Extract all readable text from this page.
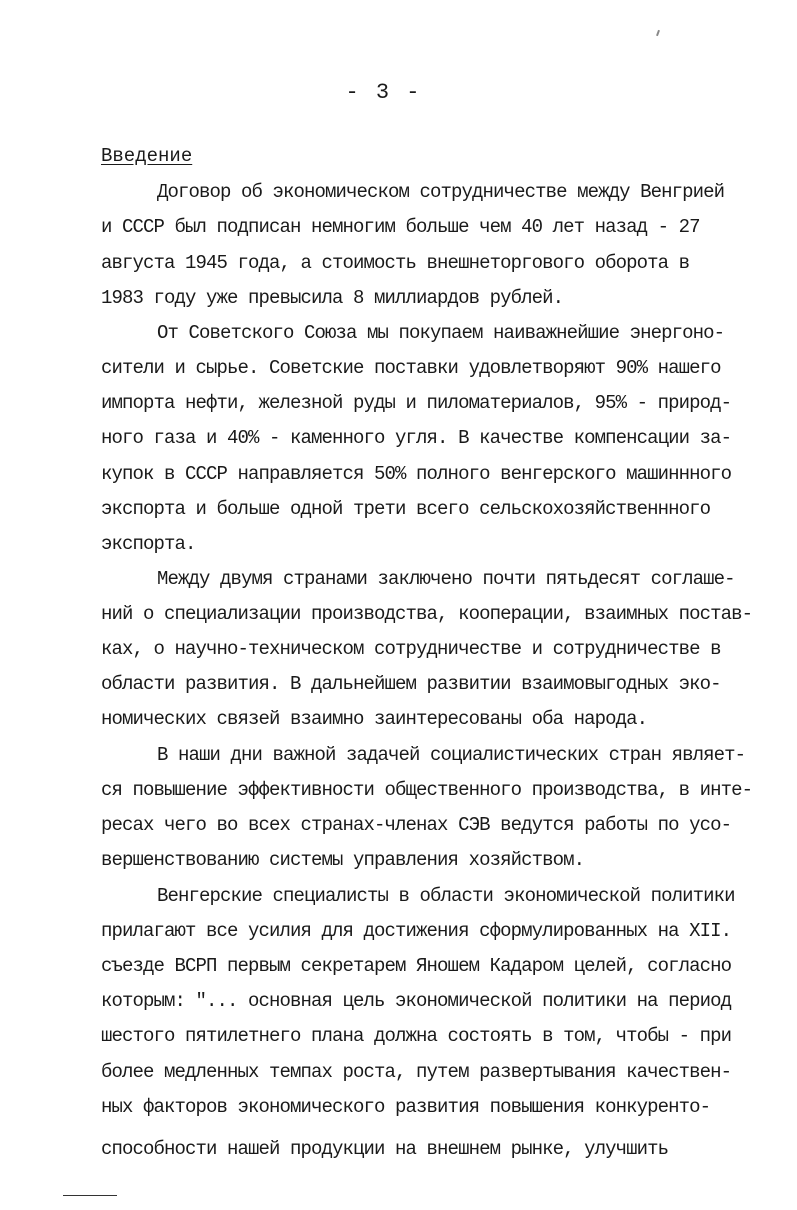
- 3 -
Введение
Договор об экономическом сотрудничестве между Венгрией
и СССР был подписан немногим больше чем 40 лет назад - 27
августа 1945 года, а стоимость внешнеторгового оборота в
1983 году уже превысила 8 миллиардов рублей.
От Советского Союза мы покупаем наиважнейшие энергоно-
сители и сырье. Советские поставки удовлетворяют 90% нашего
импорта нефти, железной руды и пиломатериалов, 95% - природ-
ного газа и 40% - каменного угля. В качестве компенсации за-
купок в СССР направляется 50% полного венгерского машиннного
экспорта и больше одной трети всего сельскохозяйственнного
экспорта.
Между двумя странами заключено почти пятьдесят соглаше-
ний о специализации производства, кооперации, взаимных постав-
ках, о научно-техническом сотрудничестве и сотрудничестве в
области развития. В дальнейшем развитии взаимовыгодных эко-
номических связей взаимно заинтересованы оба народа.
В наши дни важной задачей социалистических стран являет-
ся повышение эффективности общественного производства, в инте-
ресах чего во всех странах-членах СЭВ ведутся работы по усо-
вершенствованию системы управления хозяйством.
Венгерские специалисты в области экономической политики
прилагают все усилия для достижения сформулированных на XII.
съезде ВСРП первым секретарем Яношем Кадаром целей, согласно
которым: "... основная цель экономической политики на период
шестого пятилетнего плана должна состоять в том, чтобы - при
более медленных темпах роста, путем развертывания качествен-
ных факторов экономического развития повышения конкуренто-
способности нашей продукции на внешнем рынке, улучшить
